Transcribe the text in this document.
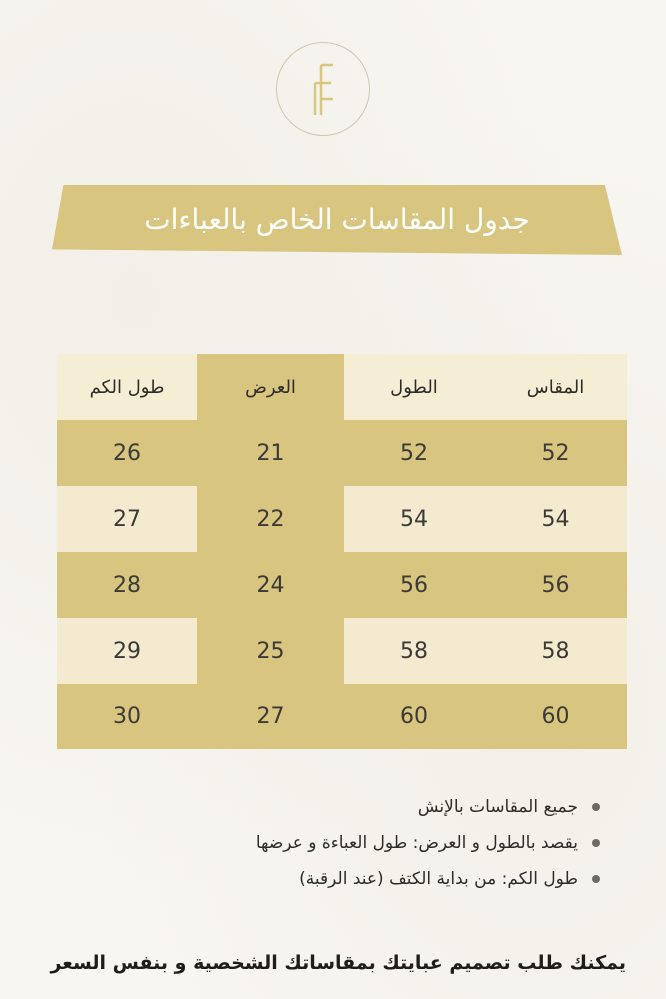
جدول المقاسات الخاص بالعباءات
طول الكم	العرض	الطول	المقاس
26	21	52	52
27	22	54	54
28	24	56	56
29	25	58	58
30	27	60	60
جميع المقاسات بالإنش
يقصد بالطول و العرض: طول العباءة و عرضها
طول الكم: من بداية الكتف (عند الرقبة)
يمكنك طلب تصميم عبايتك بمقاساتك الشخصية و بنفس السعر
